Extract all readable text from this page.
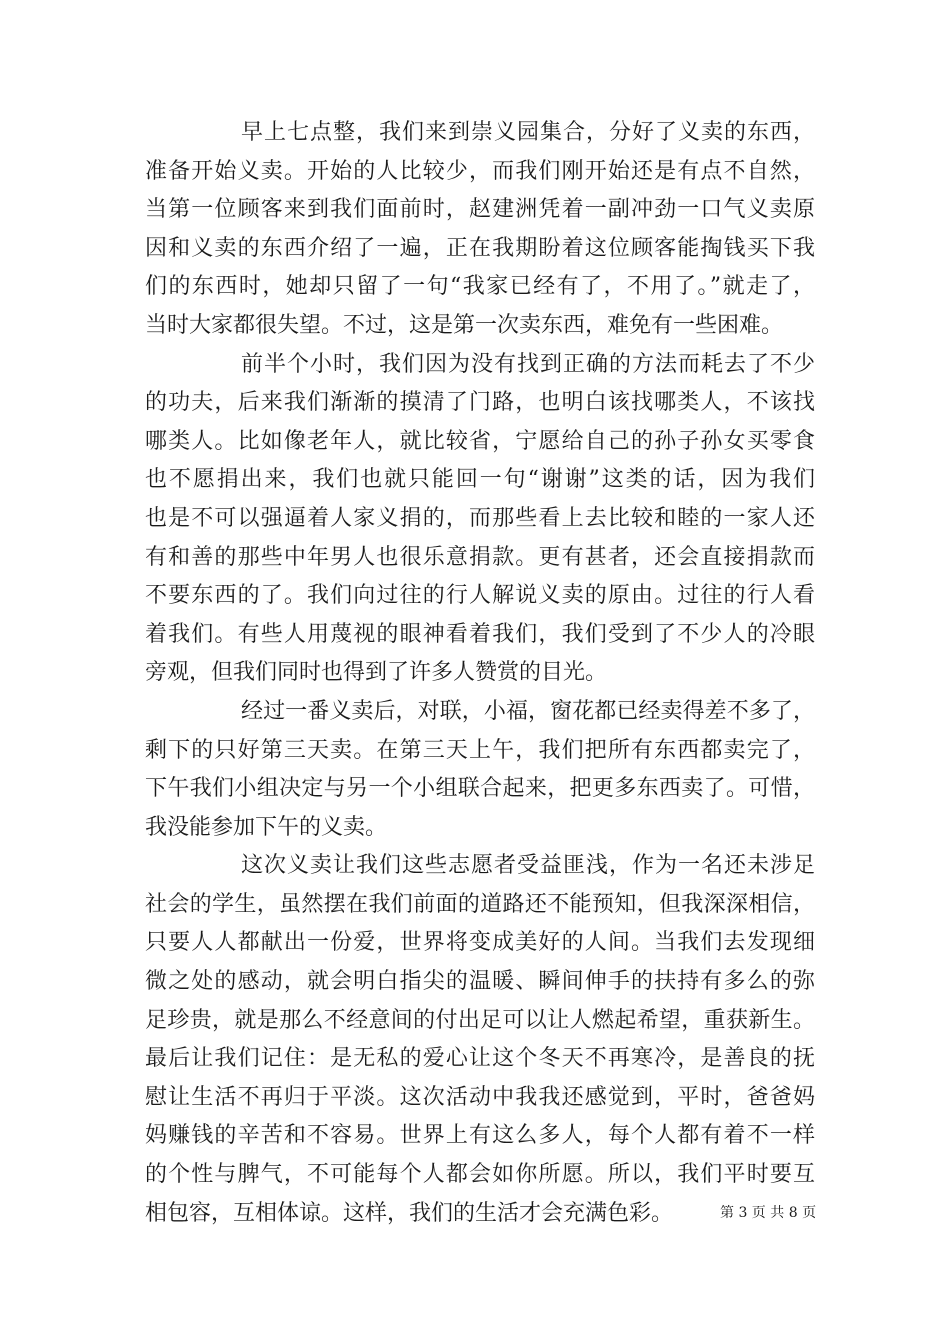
早上七点整，我们来到崇义园集合，分好了义卖的东西，
准备开始义卖。开始的人比较少，而我们刚开始还是有点不自然，
当第一位顾客来到我们面前时，赵建洲凭着一副冲劲一口气义卖原
因和义卖的东西介绍了一遍，正在我期盼着这位顾客能掏钱买下我
们的东西时，她却只留了一句“我家已经有了，不用了。”就走了，
当时大家都很失望。不过，这是第一次卖东西，难免有一些困难。
前半个小时，我们因为没有找到正确的方法而耗去了不少
的功夫，后来我们渐渐的摸清了门路，也明白该找哪类人，不该找
哪类人。比如像老年人，就比较省，宁愿给自己的孙子孙女买零食
也不愿捐出来，我们也就只能回一句“谢谢”这类的话，因为我们
也是不可以强逼着人家义捐的，而那些看上去比较和睦的一家人还
有和善的那些中年男人也很乐意捐款。更有甚者，还会直接捐款而
不要东西的了。我们向过往的行人解说义卖的原由。过往的行人看
着我们。有些人用蔑视的眼神看着我们，我们受到了不少人的冷眼
旁观，但我们同时也得到了许多人赞赏的目光。
经过一番义卖后，对联，小福，窗花都已经卖得差不多了，
剩下的只好第三天卖。在第三天上午，我们把所有东西都卖完了，
下午我们小组决定与另一个小组联合起来，把更多东西卖了。可惜，
我没能参加下午的义卖。
这次义卖让我们这些志愿者受益匪浅，作为一名还未涉足
社会的学生，虽然摆在我们前面的道路还不能预知，但我深深相信，
只要人人都献出一份爱，世界将变成美好的人间。当我们去发现细
微之处的感动，就会明白指尖的温暖、瞬间伸手的扶持有多么的弥
足珍贵，就是那么不经意间的付出足可以让人燃起希望，重获新生。
最后让我们记住：是无私的爱心让这个冬天不再寒冷，是善良的抚
慰让生活不再归于平淡。这次活动中我我还感觉到，平时，爸爸妈
妈赚钱的辛苦和不容易。世界上有这么多人，每个人都有着不一样
的个性与脾气，不可能每个人都会如你所愿。所以，我们平时要互
相包容，互相体谅。这样，我们的生活才会充满色彩。	第 3 页 共 8 页
